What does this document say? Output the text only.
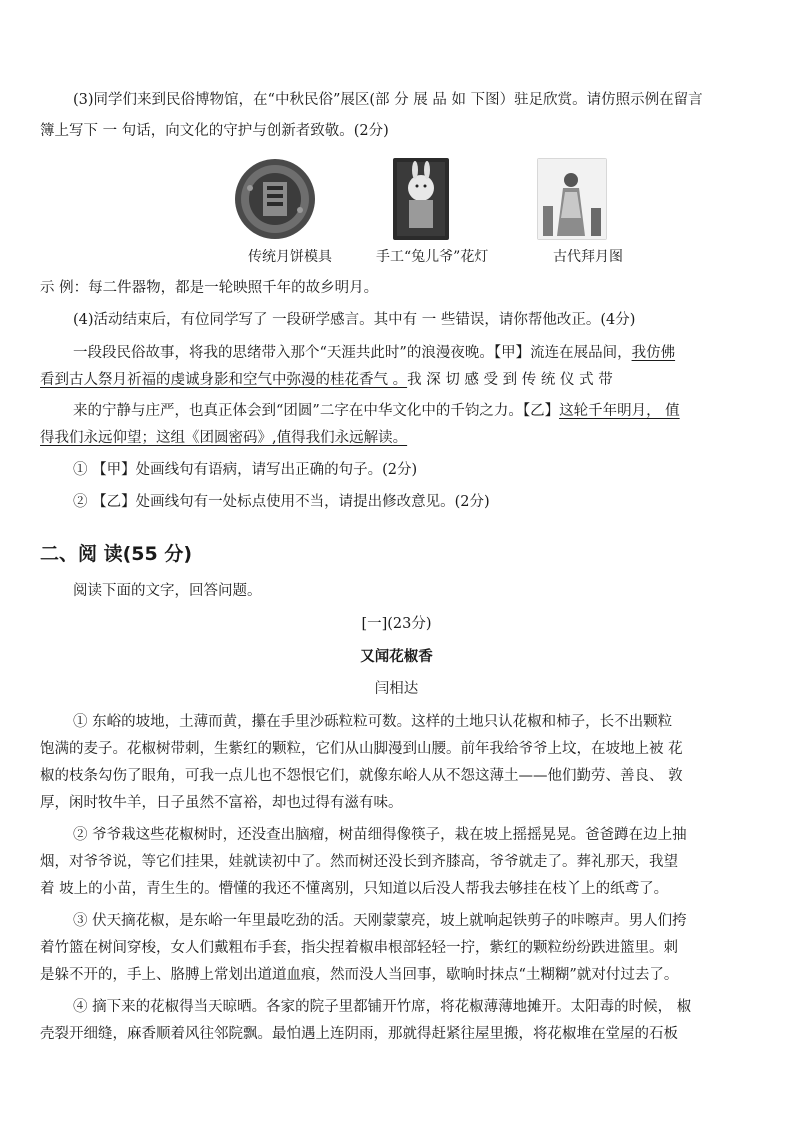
(3)同学们来到民俗博物馆，在“中秋民俗”展区(部 分 展 品 如 下图）驻足欣赏。请仿照示例在留言
簿上写下 一 句话，向文化的守护与创新者致敬。(2分)
传统月饼模具	手工“兔儿爷”花灯	古代拜月图
示 例：每二件器物，都是一轮映照千年的故乡明月。
(4)活动结束后，有位同学写了 一段研学感言。其中有 一 些错误，请你帮他改正。(4分)
一段段民俗故事，将我的思绪带入那个“天涯共此时”的浪漫夜晚。【甲】流连在展品间，我仿佛
看到古人祭月祈福的虔诚身影和空气中弥漫的桂花香气 。我 深 切 感 受 到 传 统 仪 式 带
来的宁静与庄严，也真正体会到“团圆”二字在中华文化中的千钧之力。【乙】这轮千年明月， 值
得我们永远仰望；这组《团圆密码》,值得我们永远解读。
① 【甲】处画线句有语病，请写出正确的句子。(2分)
② 【乙】处画线句有一处标点使用不当，请提出修改意见。(2分)
二、阅 读(55 分)
阅读下面的文字，回答问题。
[一](23分)
又闻花椒香
闫相达
① 东峪的坡地，土薄而黄，攥在手里沙砾粒粒可数。这样的土地只认花椒和柿子，长不出颗粒
饱满的麦子。花椒树带刺，生紫红的颗粒，它们从山脚漫到山腰。前年我给爷爷上坟，在坡地上被 花
椒的枝条勾伤了眼角，可我一点儿也不怨恨它们，就像东峪人从不怨这薄土——他们勤劳、善良、 敦
厚，闲时牧牛羊，日子虽然不富裕，却也过得有滋有味。
② 爷爷栽这些花椒树时，还没查出脑瘤，树苗细得像筷子，栽在坡上摇摇晃晃。爸爸蹲在边上抽
烟，对爷爷说，等它们挂果，娃就读初中了。然而树还没长到齐膝高，爷爷就走了。葬礼那天，我望
着 坡上的小苗，青生生的。懵懂的我还不懂离别，只知道以后没人帮我去够挂在枝丫上的纸鸢了。
③ 伏天摘花椒，是东峪一年里最吃劲的活。天刚蒙蒙亮，坡上就响起铁剪子的咔嚓声。男人们挎
着竹篮在树间穿梭，女人们戴粗布手套，指尖捏着椒串根部轻轻一拧，紫红的颗粒纷纷跌进篮里。刺
是躲不开的，手上、胳膊上常划出道道血痕，然而没人当回事，歇晌时抹点“土糊糊”就对付过去了。
④ 摘下来的花椒得当天晾晒。各家的院子里都铺开竹席，将花椒薄薄地摊开。太阳毒的时候， 椒
壳裂开细缝，麻香顺着风往邻院飘。最怕遇上连阴雨，那就得赶紧往屋里搬，将花椒堆在堂屋的石板
